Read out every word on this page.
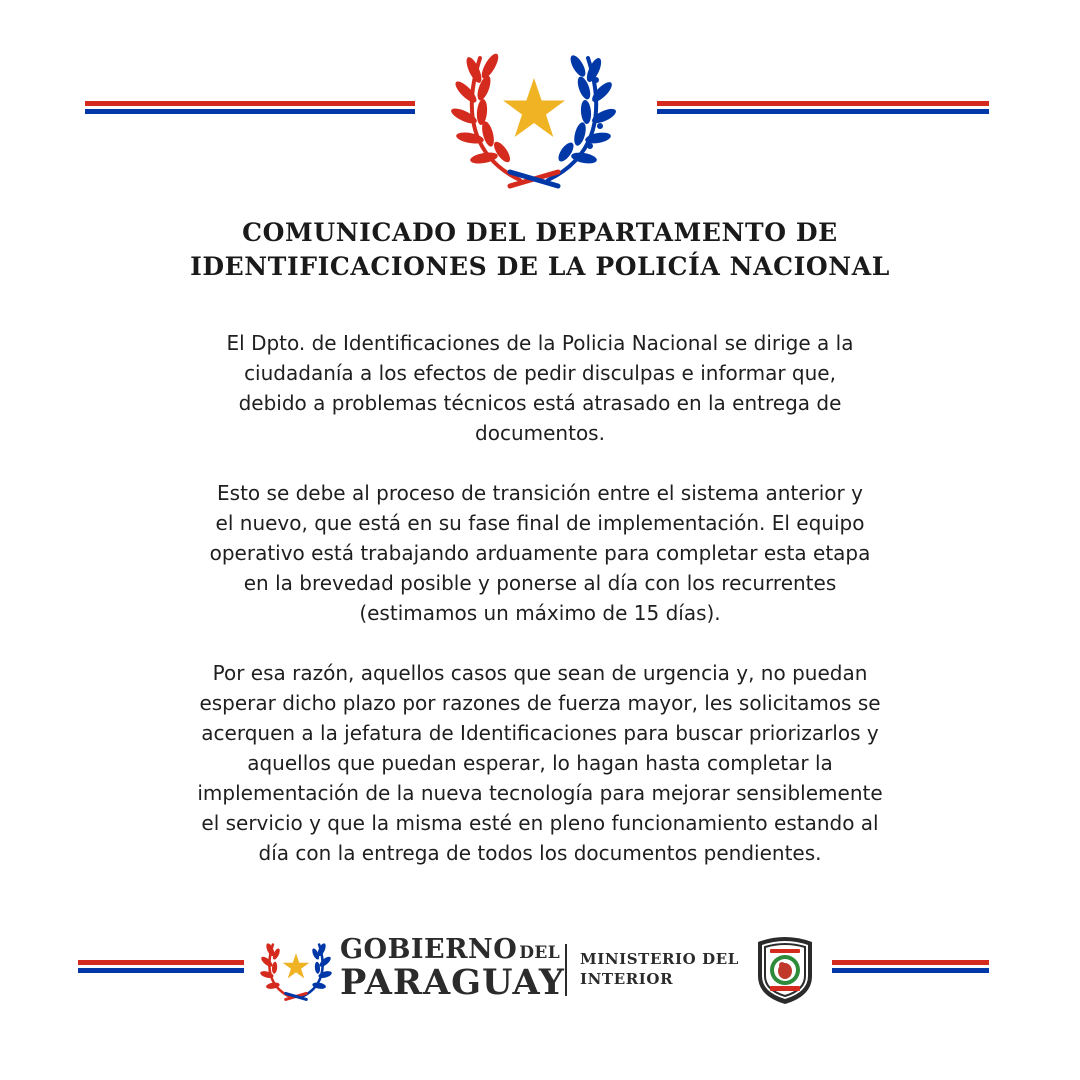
COMUNICADO DEL DEPARTAMENTO DE
IDENTIFICACIONES DE LA POLICÍA NACIONAL
El Dpto. de Identificaciones de la Policia Nacional se dirige a la
ciudadanía a los efectos de pedir disculpas e informar que,
debido a problemas técnicos está atrasado en la entrega de
documentos.
Esto se debe al proceso de transición entre el sistema anterior y
el nuevo, que está en su fase final de implementación. El equipo
operativo está trabajando arduamente para completar esta etapa
en la brevedad posible y ponerse al día con los recurrentes
(estimamos un máximo de 15 días).
Por esa razón, aquellos casos que sean de urgencia y, no puedan
esperar dicho plazo por razones de fuerza mayor, les solicitamos se
acerquen a la jefatura de Identificaciones para buscar priorizarlos y
aquellos que puedan esperar, lo hagan hasta completar la
implementación de la nueva tecnología para mejorar sensiblemente
el servicio y que la misma esté en pleno funcionamiento estando al
día con la entrega de todos los documentos pendientes.
GOBIERNO DEL
PARAGUAY
MINISTERIO DEL
INTERIOR
